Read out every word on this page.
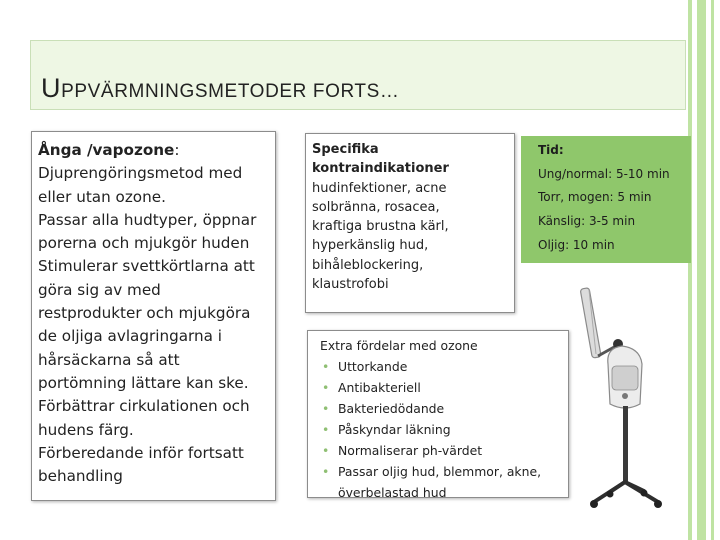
UPPVÄRMNINGSMETODER FORTS…

Ånga /vapozone:

Djuprengöringsmetod med

eller utan ozone.

Passar alla hudtyper, öppnar

porerna och mjukgör huden

Stimulerar svettkörtlarna att

göra sig av med

restprodukter och mjukgöra

de oljiga avlagringarna i

hårsäckarna så att

portömning lättare kan ske.

Förbättrar cirkulationen och

hudens färg.

Förberedande inför fortsatt

behandling

Specifika

kontraindikationer

hudinfektioner, acne

solbränna, rosacea,

kraftiga brustna kärl,

hyperkänslig hud,

bihåleblockering,

klaustrofobi

Tid:

Ung/normal: 5-10 min

Torr, mogen: 5 min

Känslig: 3-5 min

Oljig: 10 min

Extra fördelar med ozone

• Uttorkande
• Antibakteriell
• Bakteriedödande
• Påskyndar läkning
• Normaliserar ph-värdet
• Passar oljig hud, blemmor, akne,
överbelastad hud
